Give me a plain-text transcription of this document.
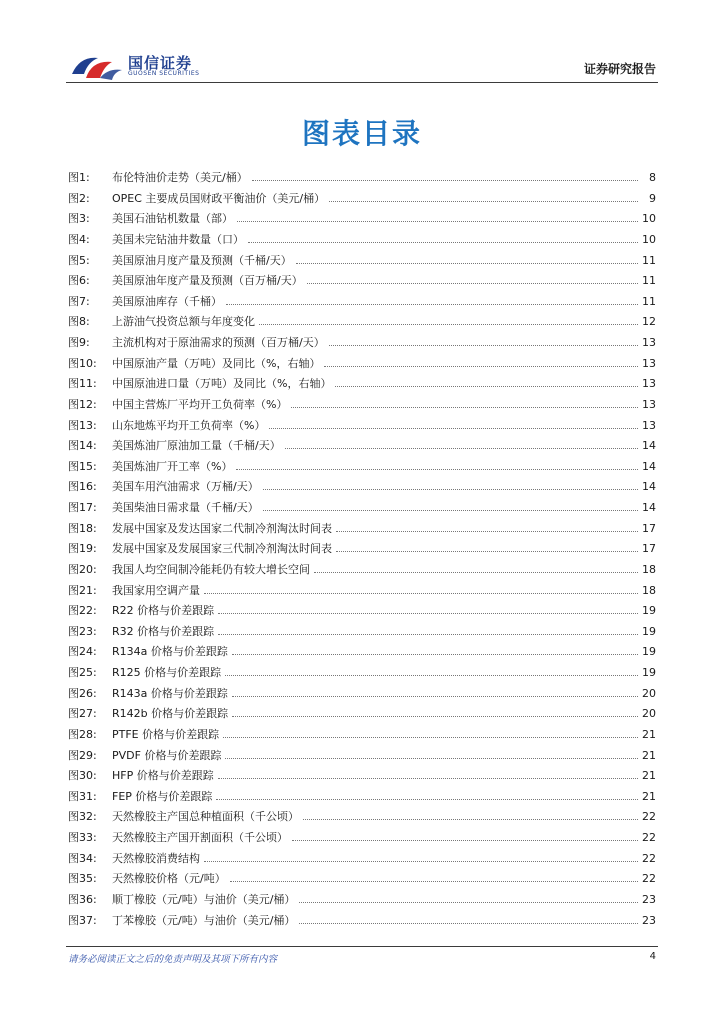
国信证券
GUOSEN SECURITIES	证券研究报告
图表目录
图1:	布伦特油价走势（美元/桶）	8
图2:	OPEC 主要成员国财政平衡油价（美元/桶）	9
图3:	美国石油钻机数量（部）	10
图4:	美国未完钻油井数量（口）	10
图5:	美国原油月度产量及预测（千桶/天）	11
图6:	美国原油年度产量及预测（百万桶/天）	11
图7:	美国原油库存（千桶）	11
图8:	上游油气投资总额与年度变化	12
图9:	主流机构对于原油需求的预测（百万桶/天）	13
图10:	中国原油产量（万吨）及同比（%，右轴）	13
图11:	中国原油进口量（万吨）及同比（%，右轴）	13
图12:	中国主营炼厂平均开工负荷率（%）	13
图13:	山东地炼平均开工负荷率（%）	13
图14:	美国炼油厂原油加工量（千桶/天）	14
图15:	美国炼油厂开工率（%）	14
图16:	美国车用汽油需求（万桶/天）	14
图17:	美国柴油日需求量（千桶/天）	14
图18:	发展中国家及发达国家二代制冷剂淘汰时间表	17
图19:	发展中国家及发展国家三代制冷剂淘汰时间表	17
图20:	我国人均空间制冷能耗仍有较大增长空间	18
图21:	我国家用空调产量	18
图22:	R22 价格与价差跟踪	19
图23:	R32 价格与价差跟踪	19
图24:	R134a 价格与价差跟踪	19
图25:	R125 价格与价差跟踪	19
图26:	R143a 价格与价差跟踪	20
图27:	R142b 价格与价差跟踪	20
图28:	PTFE 价格与价差跟踪	21
图29:	PVDF 价格与价差跟踪	21
图30:	HFP 价格与价差跟踪	21
图31:	FEP 价格与价差跟踪	21
图32:	天然橡胶主产国总种植面积（千公顷）	22
图33:	天然橡胶主产国开割面积（千公顷）	22
图34:	天然橡胶消费结构	22
图35:	天然橡胶价格（元/吨）	22
图36:	顺丁橡胶（元/吨）与油价（美元/桶）	23
图37:	丁苯橡胶（元/吨）与油价（美元/桶）	23
请务必阅读正文之后的免责声明及其项下所有内容	4
